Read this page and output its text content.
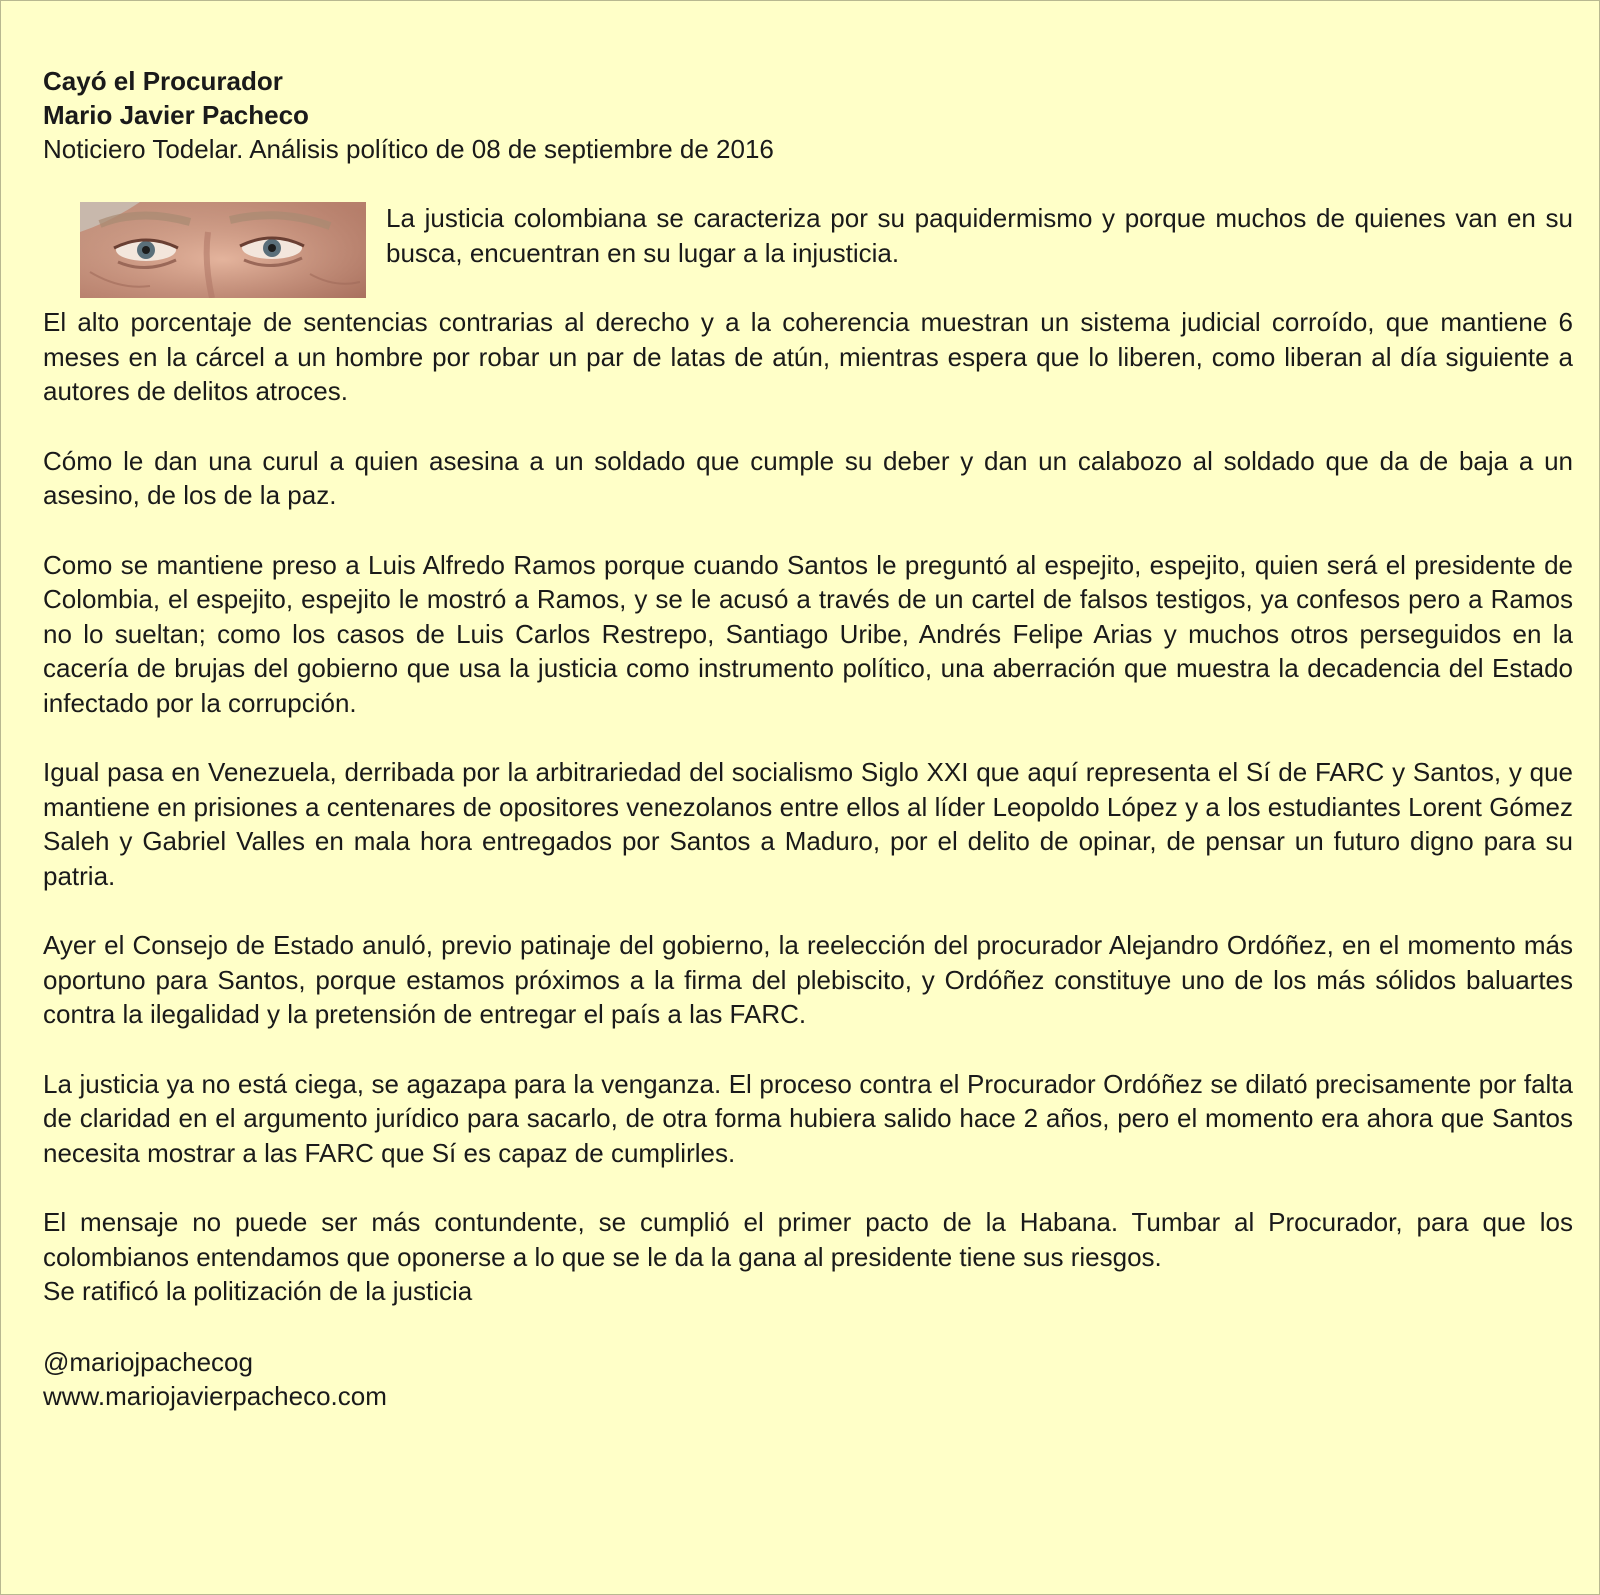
Cayó el Procurador

Mario Javier Pacheco

Noticiero Todelar. Análisis político de 08 de septiembre de 2016

La justicia colombiana se caracteriza por su paquidermismo y porque muchos de quienes van en su busca, encuentran en su lugar a la injusticia.

El alto porcentaje de sentencias contrarias al derecho y a la coherencia muestran un sistema judicial corroído, que mantiene 6 meses en la cárcel a un hombre por robar un par de latas de atún, mientras espera que lo liberen, como liberan al día siguiente a autores de delitos atroces.

Cómo le dan una curul a quien asesina a un soldado que cumple su deber y dan un calabozo al soldado que da de baja a un asesino, de los de la paz.

Como se mantiene preso a Luis Alfredo Ramos porque cuando Santos le preguntó al espejito, espejito, quien será el presidente de Colombia, el espejito, espejito le mostró a Ramos, y se le acusó a través de un cartel de falsos testigos, ya confesos pero a Ramos no lo sueltan; como los casos de Luis Carlos Restrepo, Santiago Uribe, Andrés Felipe Arias y muchos otros perseguidos en la cacería de brujas del gobierno que usa la justicia como instrumento político, una aberración que muestra la decadencia del Estado infectado por la corrupción.

Igual pasa en Venezuela, derribada por la arbitrariedad del socialismo Siglo XXI que aquí representa el Sí de FARC y Santos, y que mantiene en prisiones a centenares de opositores venezolanos entre ellos al líder Leopoldo López y a los estudiantes Lorent Gómez Saleh y Gabriel Valles en mala hora entregados por Santos a Maduro, por el delito de opinar, de pensar un futuro digno para su patria.

Ayer el Consejo de Estado anuló, previo patinaje del gobierno, la reelección del procurador Alejandro Ordóñez, en el momento más oportuno para Santos, porque estamos próximos a la firma del plebiscito, y Ordóñez constituye uno de los más sólidos baluartes contra la ilegalidad y la pretensión de entregar el país a las FARC.

La justicia ya no está ciega, se agazapa para la venganza. El proceso contra el Procurador Ordóñez se dilató precisamente por falta de claridad en el argumento jurídico para sacarlo, de otra forma hubiera salido hace 2 años, pero el momento era ahora que Santos necesita mostrar a las FARC que Sí es capaz de cumplirles.

El mensaje no puede ser más contundente, se cumplió el primer pacto de la Habana. Tumbar al Procurador, para que los colombianos entendamos que oponerse a lo que se le da la gana al presidente tiene sus riesgos.

Se ratificó la politización de la justicia

@mariojpachecog
www.mariojavierpacheco.com
